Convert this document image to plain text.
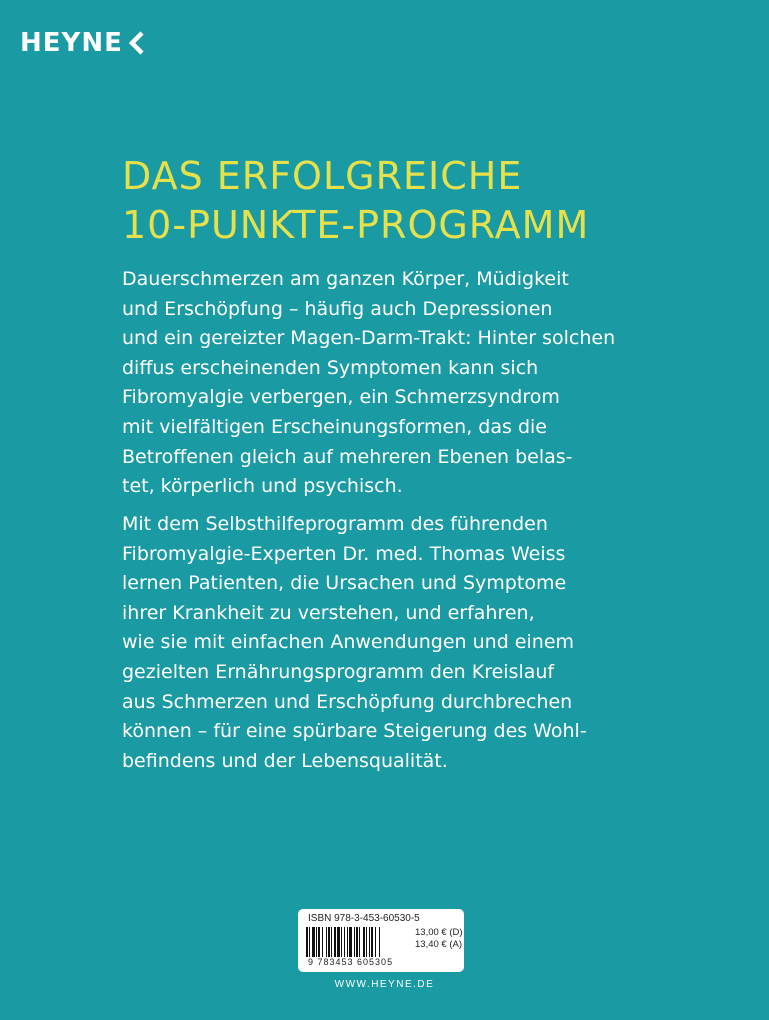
HEYNE
DAS ERFOLGREICHE
10-PUNKTE-PROGRAMM
Dauerschmerzen am ganzen Körper, Müdigkeit
und Erschöpfung – häufig auch Depressionen
und ein gereizter Magen-Darm-Trakt: Hinter solchen
diffus erscheinenden Symptomen kann sich
Fibromyalgie verbergen, ein Schmerzsyndrom
mit vielfältigen Erscheinungsformen, das die
Betroffenen gleich auf mehreren Ebenen belas-
tet, körperlich und psychisch.
Mit dem Selbsthilfeprogramm des führenden
Fibromyalgie-Experten Dr. med. Thomas Weiss
lernen Patienten, die Ursachen und Symptome
ihrer Krankheit zu verstehen, und erfahren,
wie sie mit einfachen Anwendungen und einem
gezielten Ernährungsprogramm den Kreislauf
aus Schmerzen und Erschöpfung durchbrechen
können – für eine spürbare Steigerung des Wohl-
befindens und der Lebensqualität.
ISBN 978-3-453-60530-5
9 783453 605305
13,00 € (D)
13,40 € (A)
WWW.HEYNE.DE
